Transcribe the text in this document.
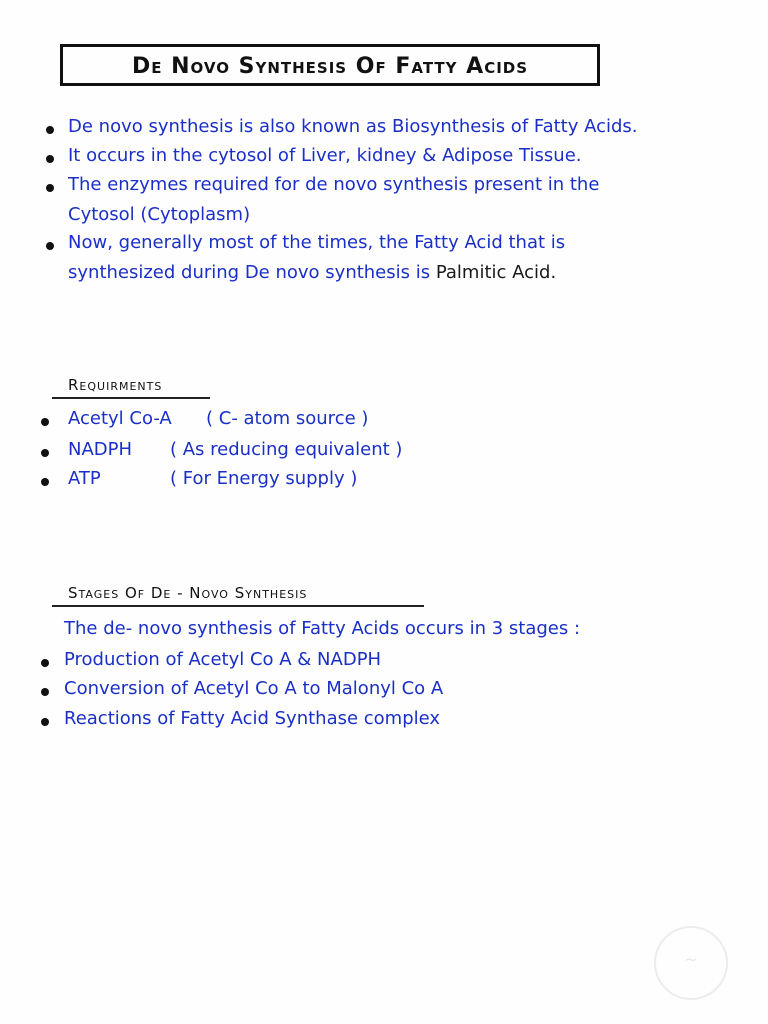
De Novo Synthesis Of Fatty Acids
De novo synthesis is also known as Biosynthesis of Fatty Acids.
It occurs in the cytosol of Liver, kidney & Adipose Tissue.
The enzymes required for de novo synthesis present in the
Cytosol (Cytoplasm)
Now, generally most of the times, the Fatty Acid that is
synthesized during De novo synthesis is Palmitic Acid.
Requirments
Acetyl Co-A ( C- atom source )
NADPH ( As reducing equivalent )
ATP	( For Energy supply )
Stages Of De - Novo Synthesis
The de- novo synthesis of Fatty Acids occurs in 3 stages :
Production of Acetyl Co A & NADPH
Conversion of Acetyl Co A to Malonyl Co A
Reactions of Fatty Acid Synthase complex
~
